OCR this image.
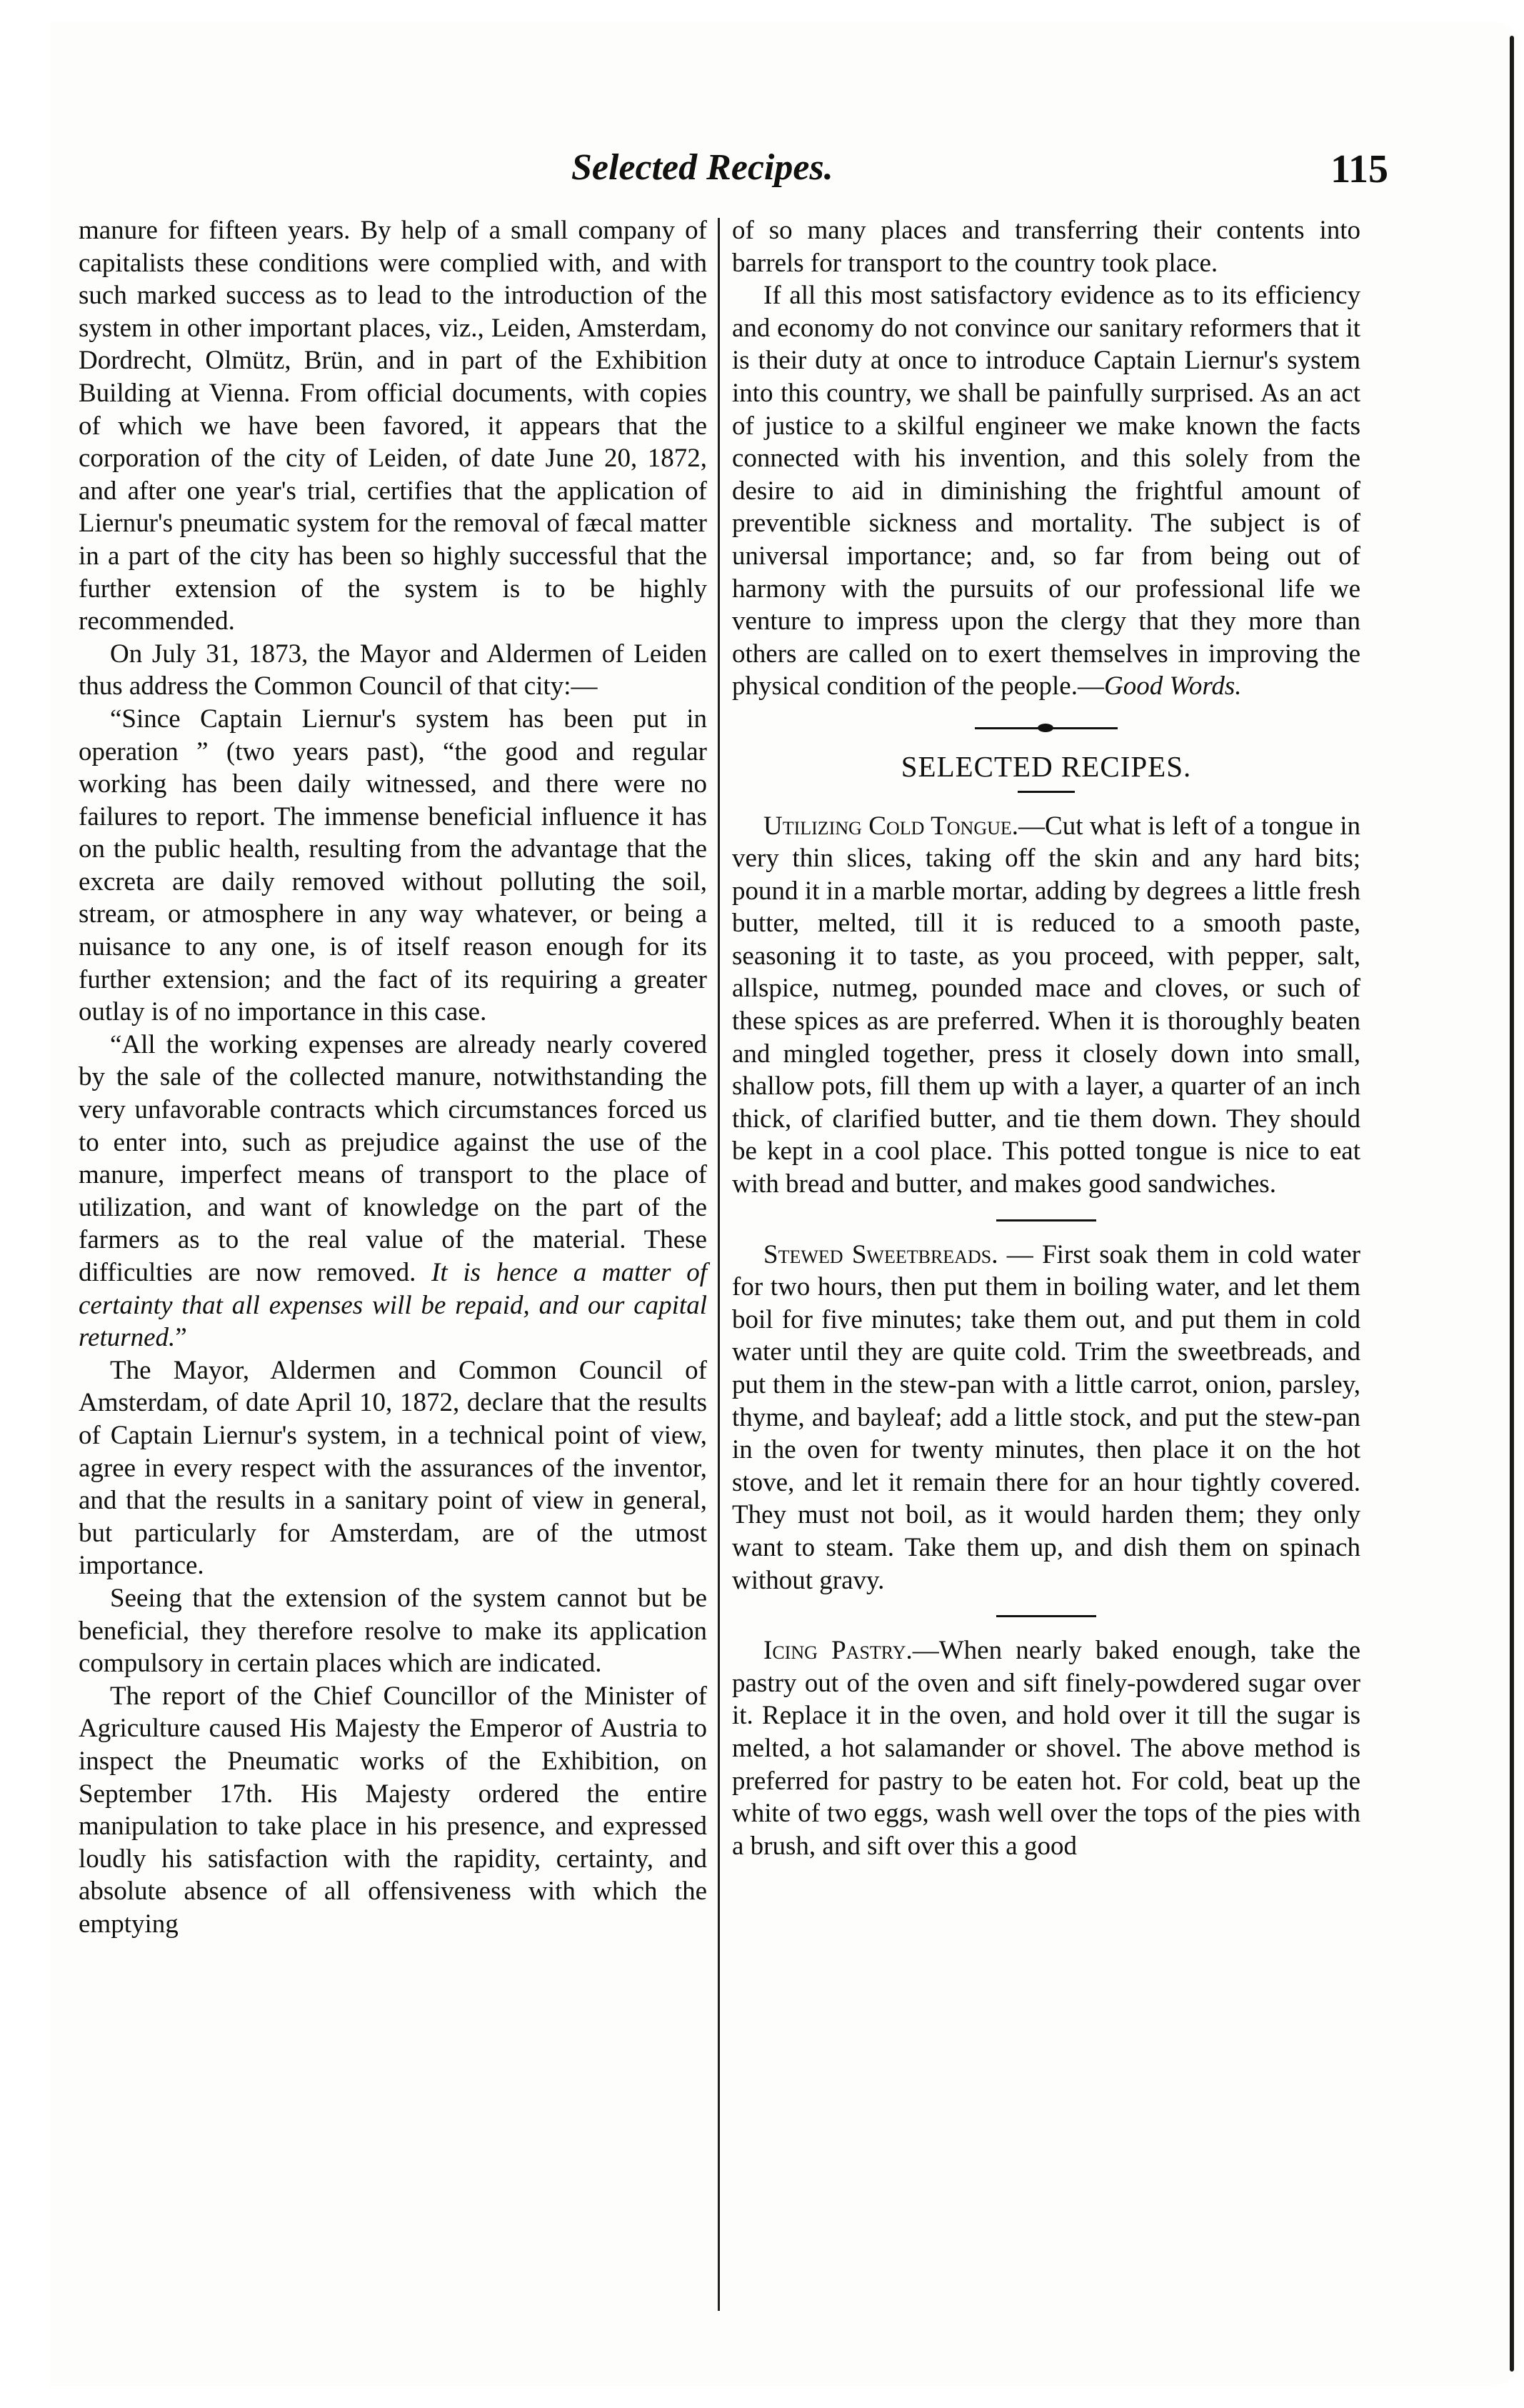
Selected Recipes.	115

manure for fifteen years. By help of a small company of capitalists these conditions were complied with, and with such marked success as to lead to the introduction of the system in other important places, viz., Leiden, Amsterdam, Dordrecht, Olmütz, Brün, and in part of the Exhibition Building at Vienna. From official documents, with copies of which we have been favored, it appears that the corporation of the city of Leiden, of date June 20, 1872, and after one year's trial, certifies that the application of Liernur's pneumatic system for the removal of fæcal matter in a part of the city has been so highly successful that the further extension of the system is to be highly recommended.

On July 31, 1873, the Mayor and Aldermen of Leiden thus address the Common Council of that city:—

“Since Captain Liernur's system has been put in operation ” (two years past), “the good and regular working has been daily witnessed, and there were no failures to report. The immense beneficial influence it has on the public health, resulting from the advantage that the excreta are daily removed without polluting the soil, stream, or atmosphere in any way whatever, or being a nuisance to any one, is of itself reason enough for its further extension; and the fact of its requiring a greater outlay is of no importance in this case.

“All the working expenses are already nearly covered by the sale of the collected manure, notwithstanding the very unfavorable contracts which circumstances forced us to enter into, such as prejudice against the use of the manure, imperfect means of transport to the place of utilization, and want of knowledge on the part of the farmers as to the real value of the material. These difficulties are now removed. It is hence a matter of certainty that all expenses will be repaid, and our capital returned.”

The Mayor, Aldermen and Common Council of Amsterdam, of date April 10, 1872, declare that the results of Captain Liernur's system, in a technical point of view, agree in every respect with the assurances of the inventor, and that the results in a sanitary point of view in general, but particularly for Amsterdam, are of the utmost importance.

Seeing that the extension of the system cannot but be beneficial, they therefore resolve to make its application compulsory in certain places which are indicated.

The report of the Chief Councillor of the Minister of Agriculture caused His Majesty the Emperor of Austria to inspect the Pneumatic works of the Exhibition, on September 17th. His Majesty ordered the entire manipulation to take place in his presence, and expressed loudly his satisfaction with the rapidity, certainty, and absolute absence of all offensiveness with which the emptying

of so many places and transferring their contents into barrels for transport to the country took place.

If all this most satisfactory evidence as to its efficiency and economy do not convince our sanitary reformers that it is their duty at once to introduce Captain Liernur's system into this country, we shall be painfully surprised. As an act of justice to a skilful engineer we make known the facts connected with his invention, and this solely from the desire to aid in diminishing the frightful amount of preventible sickness and mortality. The subject is of universal importance; and, so far from being out of harmony with the pursuits of our professional life we venture to impress upon the clergy that they more than others are called on to exert themselves in improving the physical condition of the people.—Good Words.

SELECTED RECIPES.

Utilizing Cold Tongue.—Cut what is left of a tongue in very thin slices, taking off the skin and any hard bits; pound it in a marble mortar, adding by degrees a little fresh butter, melted, till it is reduced to a smooth paste, seasoning it to taste, as you proceed, with pepper, salt, allspice, nutmeg, pounded mace and cloves, or such of these spices as are preferred. When it is thoroughly beaten and mingled together, press it closely down into small, shallow pots, fill them up with a layer, a quarter of an inch thick, of clarified butter, and tie them down. They should be kept in a cool place. This potted tongue is nice to eat with bread and butter, and makes good sandwiches.

Stewed Sweetbreads. — First soak them in cold water for two hours, then put them in boiling water, and let them boil for five minutes; take them out, and put them in cold water until they are quite cold. Trim the sweetbreads, and put them in the stew-pan with a little carrot, onion, parsley, thyme, and bayleaf; add a little stock, and put the stew-pan in the oven for twenty minutes, then place it on the hot stove, and let it remain there for an hour tightly covered. They must not boil, as it would harden them; they only want to steam. Take them up, and dish them on spinach without gravy.

Icing Pastry.—When nearly baked enough, take the pastry out of the oven and sift finely-powdered sugar over it. Replace it in the oven, and hold over it till the sugar is melted, a hot salamander or shovel. The above method is preferred for pastry to be eaten hot. For cold, beat up the white of two eggs, wash well over the tops of the pies with a brush, and sift over this a good
